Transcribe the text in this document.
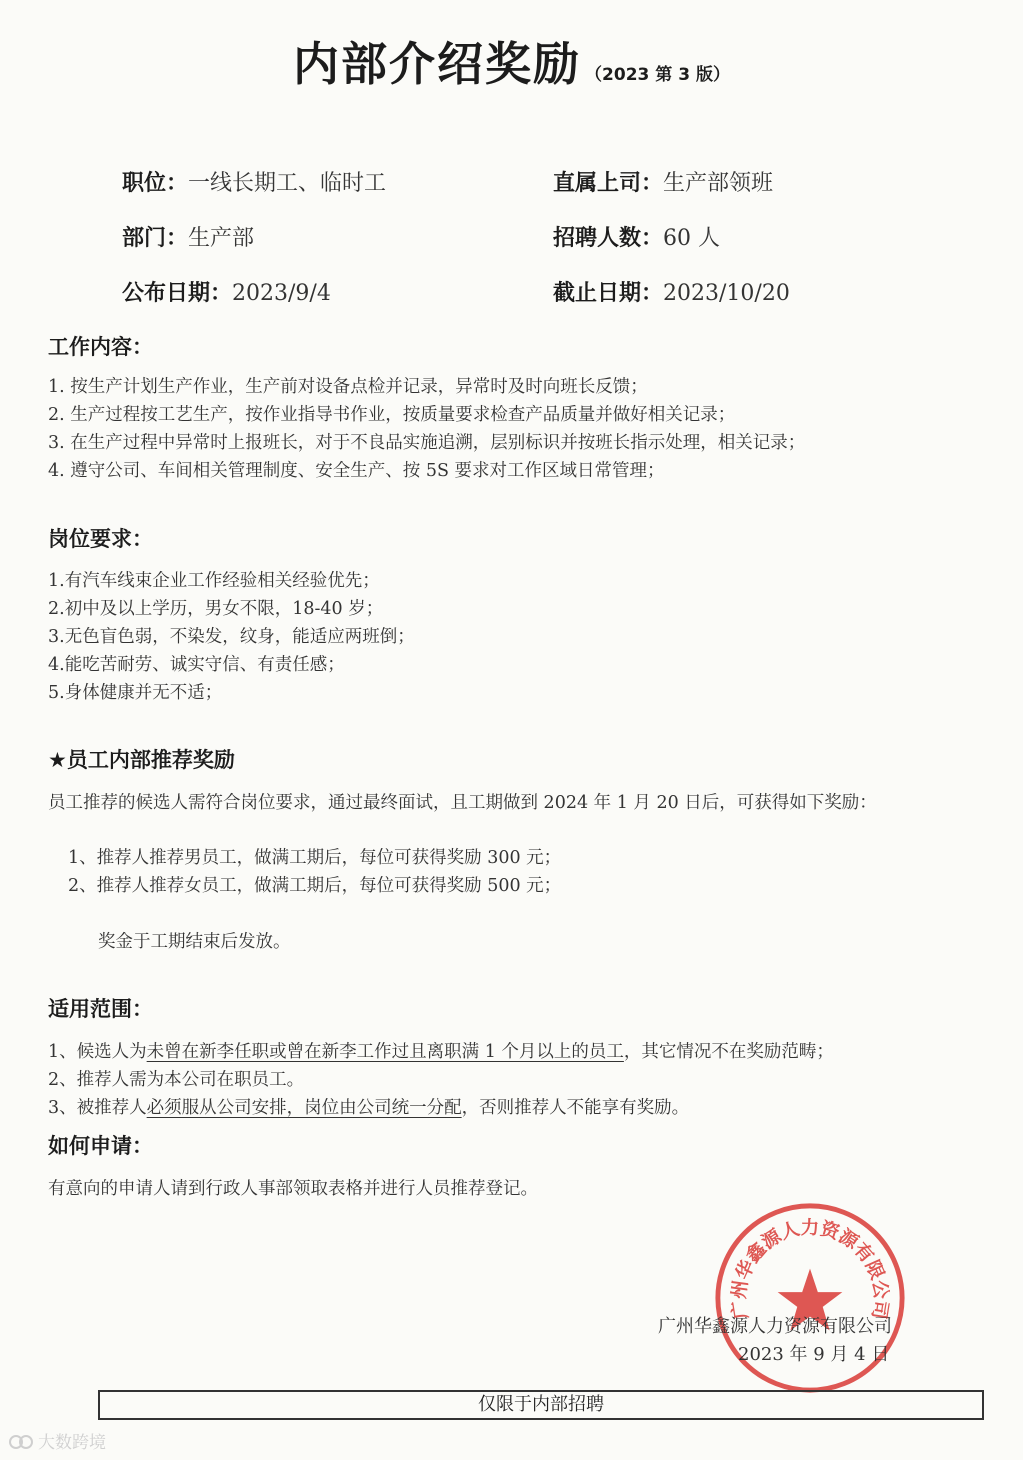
内部介绍奖励 （2023 第 3 版）
职位：一线长期工、临时工	直属上司：生产部领班
部门：生产部	招聘人数：60 人
公布日期：2023/9/4	截止日期：2023/10/20
工作内容：
1. 按生产计划生产作业，生产前对设备点检并记录，异常时及时向班长反馈；
2. 生产过程按工艺生产，按作业指导书作业，按质量要求检查产品质量并做好相关记录；
3. 在生产过程中异常时上报班长，对于不良品实施追溯，层别标识并按班长指示处理，相关记录；
4. 遵守公司、车间相关管理制度、安全生产、按 5S 要求对工作区域日常管理；
岗位要求：
1.有汽车线束企业工作经验相关经验优先；
2.初中及以上学历，男女不限，18-40 岁；
3.无色盲色弱，不染发，纹身，能适应两班倒；
4.能吃苦耐劳、诚实守信、有责任感；
5.身体健康并无不适；
★员工内部推荐奖励
员工推荐的候选人需符合岗位要求，通过最终面试，且工期做到 2024 年 1 月 20 日后，可获得如下奖励：
1、推荐人推荐男员工，做满工期后，每位可获得奖励 300 元；
2、推荐人推荐女员工，做满工期后，每位可获得奖励 500 元；
奖金于工期结束后发放。
适用范围：
1、候选人为未曾在新李任职或曾在新李工作过且离职满 1 个月以上的员工，其它情况不在奖励范畴；
2、推荐人需为本公司在职员工。
3、被推荐人必须服从公司安排，岗位由公司统一分配，否则推荐人不能享有奖励。
如何申请：
有意向的申请人请到行政人事部领取表格并进行人员推荐登记。
广州华鑫源人力资源有限公司
广州华鑫源人力资源有限公司
2023 年 9 月 4 日
仅限于内部招聘
大数跨境
